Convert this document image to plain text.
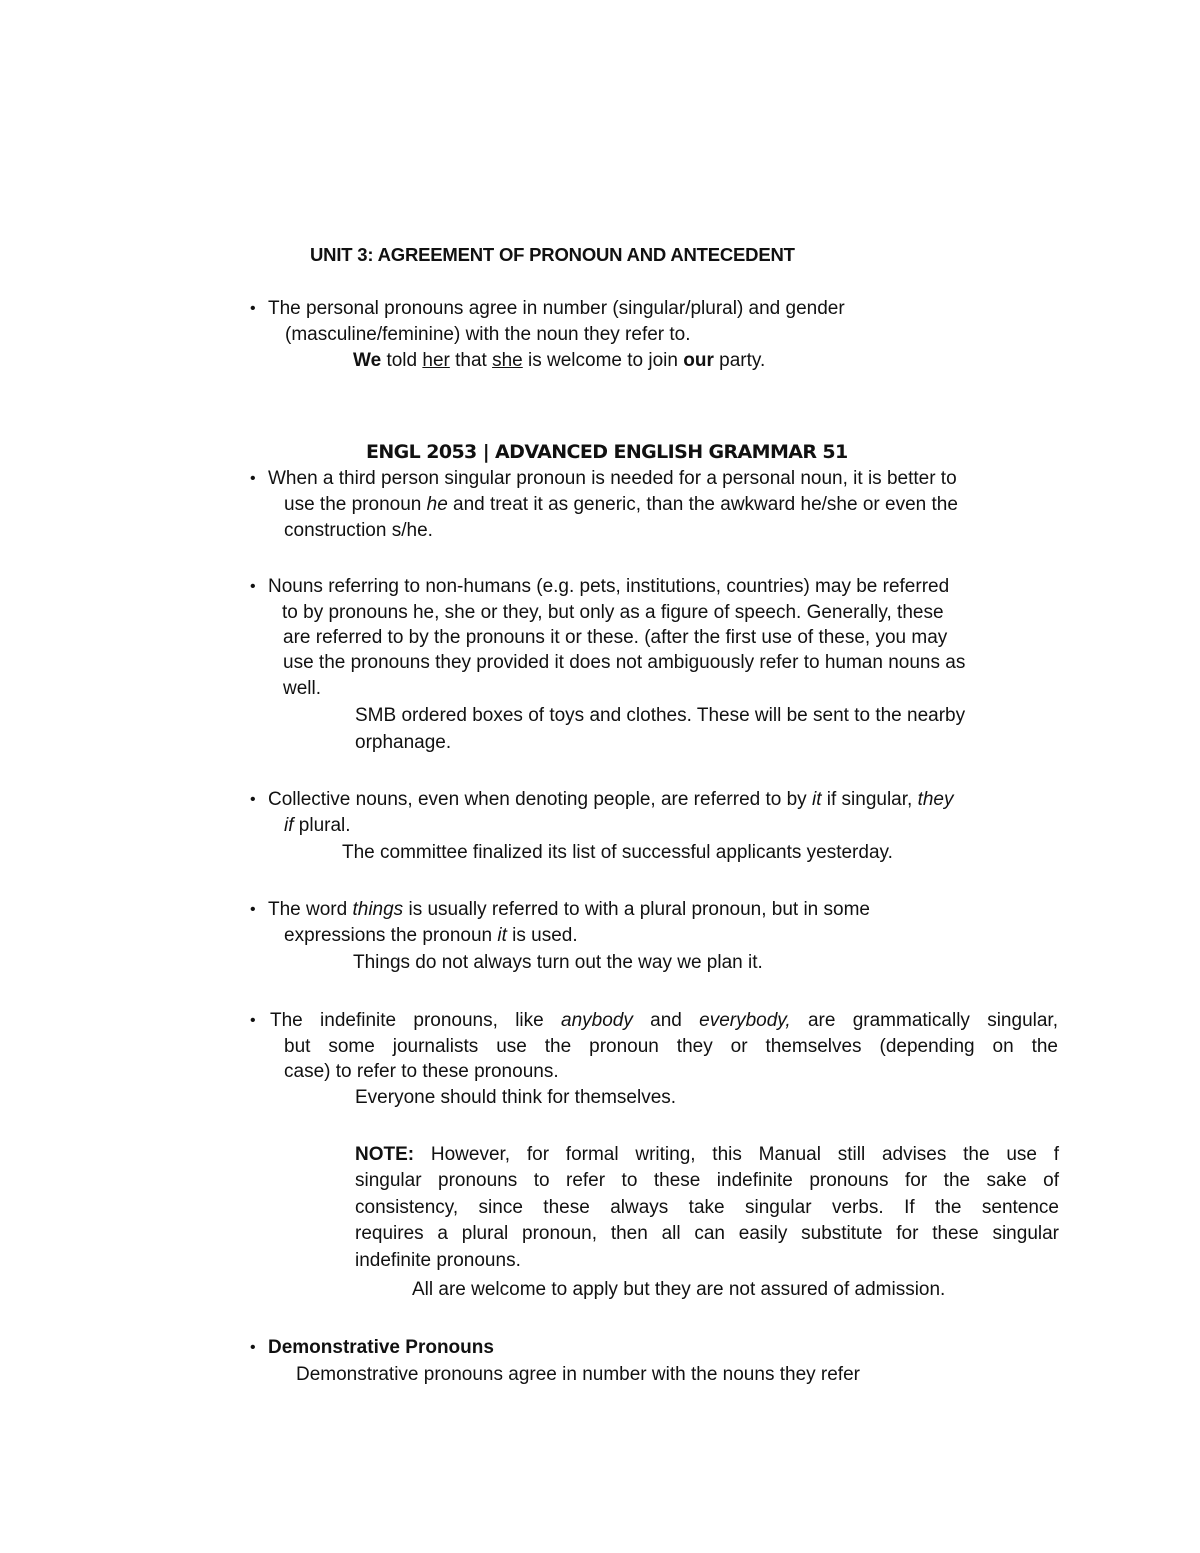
UNIT 3: AGREEMENT OF PRONOUN AND ANTECEDENT
• The personal pronouns agree in number (singular/plural) and gender
(masculine/feminine) with the noun they refer to.
We told her that she is welcome to join our party.
ENGL 2053 | ADVANCED ENGLISH GRAMMAR 51
• When a third person singular pronoun is needed for a personal noun, it is better to
use the pronoun he and treat it as generic, than the awkward he/she or even the
construction s/he.
• Nouns referring to non-humans (e.g. pets, institutions, countries) may be referred
to by pronouns he, she or they, but only as a figure of speech. Generally, these
are referred to by the pronouns it or these. (after the first use of these, you may
use the pronouns they provided it does not ambiguously refer to human nouns as
well.
SMB ordered boxes of toys and clothes. These will be sent to the nearby
orphanage.
• Collective nouns, even when denoting people, are referred to by it if singular, they
if plural.
The committee finalized its list of successful applicants yesterday.
• The word things is usually referred to with a plural pronoun, but in some
expressions the pronoun it is used.
Things do not always turn out the way we plan it.
• The indefinite pronouns, like anybody and everybody, are grammatically singular,
but some journalists use the pronoun they or themselves (depending on the
case) to refer to these pronouns.
Everyone should think for themselves.
NOTE: However, for formal writing, this Manual still advises the use f
singular pronouns to refer to these indefinite pronouns for the sake of
consistency, since these always take singular verbs. If the sentence
requires a plural pronoun, then all can easily substitute for these singular
indefinite pronouns.
All are welcome to apply but they are not assured of admission.
• Demonstrative Pronouns
Demonstrative pronouns agree in number with the nouns they refer
